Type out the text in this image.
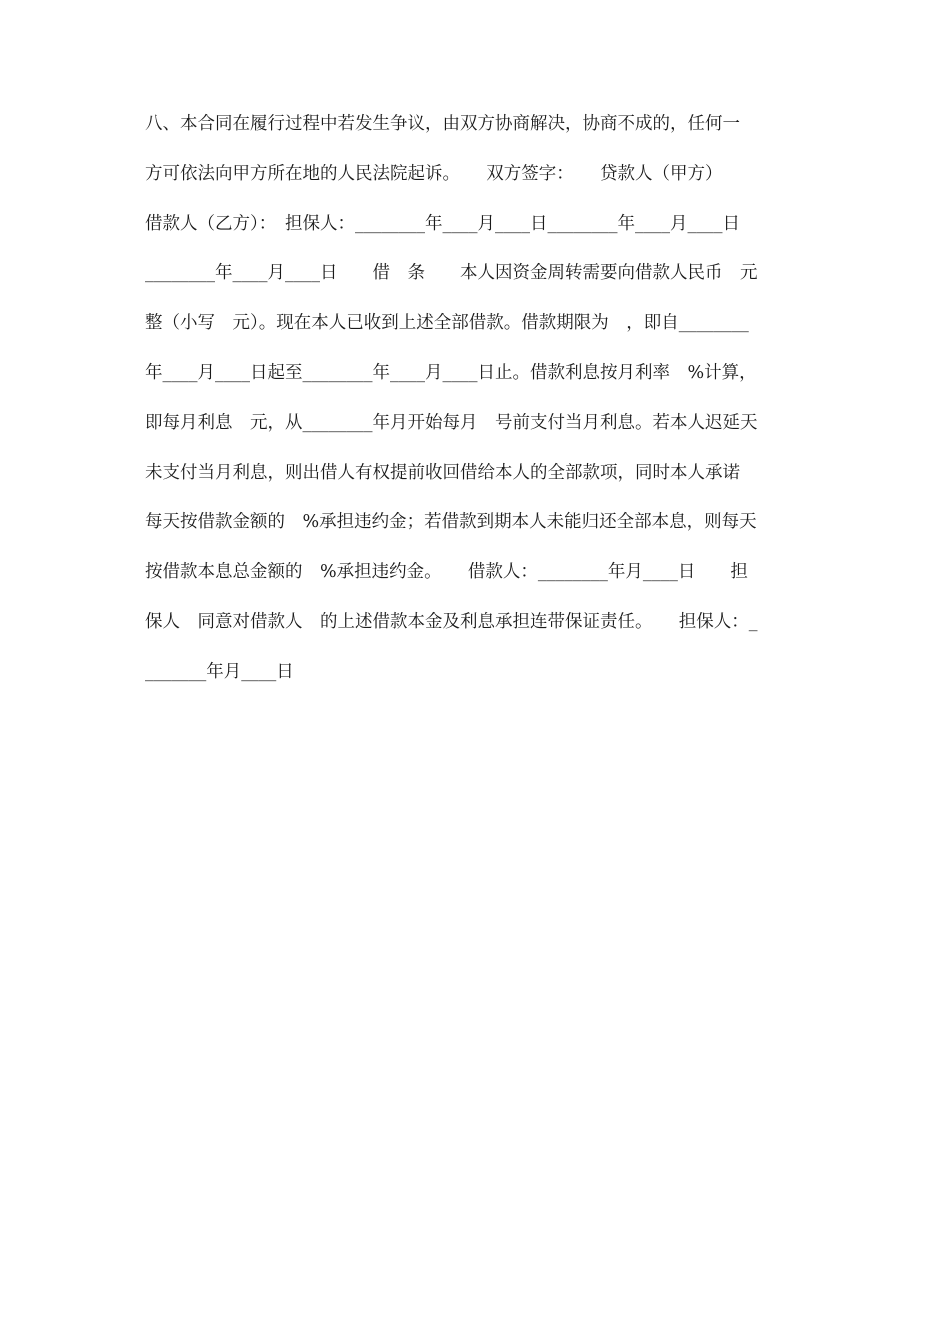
八、本合同在履行过程中若发生争议，由双方协商解决，协商不成的，任何一
方可依法向甲方所在地的人民法院起诉。　　双方签字：　　贷款人（甲方）
借款人（乙方）：　担保人：________年____月____日________年____月____日
________年____月____日　　借　条　　本人因资金周转需要向借款人民币　元
整（小写　元）。现在本人已收到上述全部借款。借款期限为　，即自________
年____月____日起至________年____月____日止。借款利息按月利率　%计算，
即每月利息　元，从________年月开始每月　号前支付当月利息。若本人迟延天
未支付当月利息，则出借人有权提前收回借给本人的全部款项，同时本人承诺
每天按借款金额的　%承担违约金；若借款到期本人未能归还全部本息，则每天
按借款本息总金额的　%承担违约金。　　借款人：________年月____日　　担
保人　同意对借款人　的上述借款本金及利息承担连带保证责任。　　担保人：_
_______年月____日
